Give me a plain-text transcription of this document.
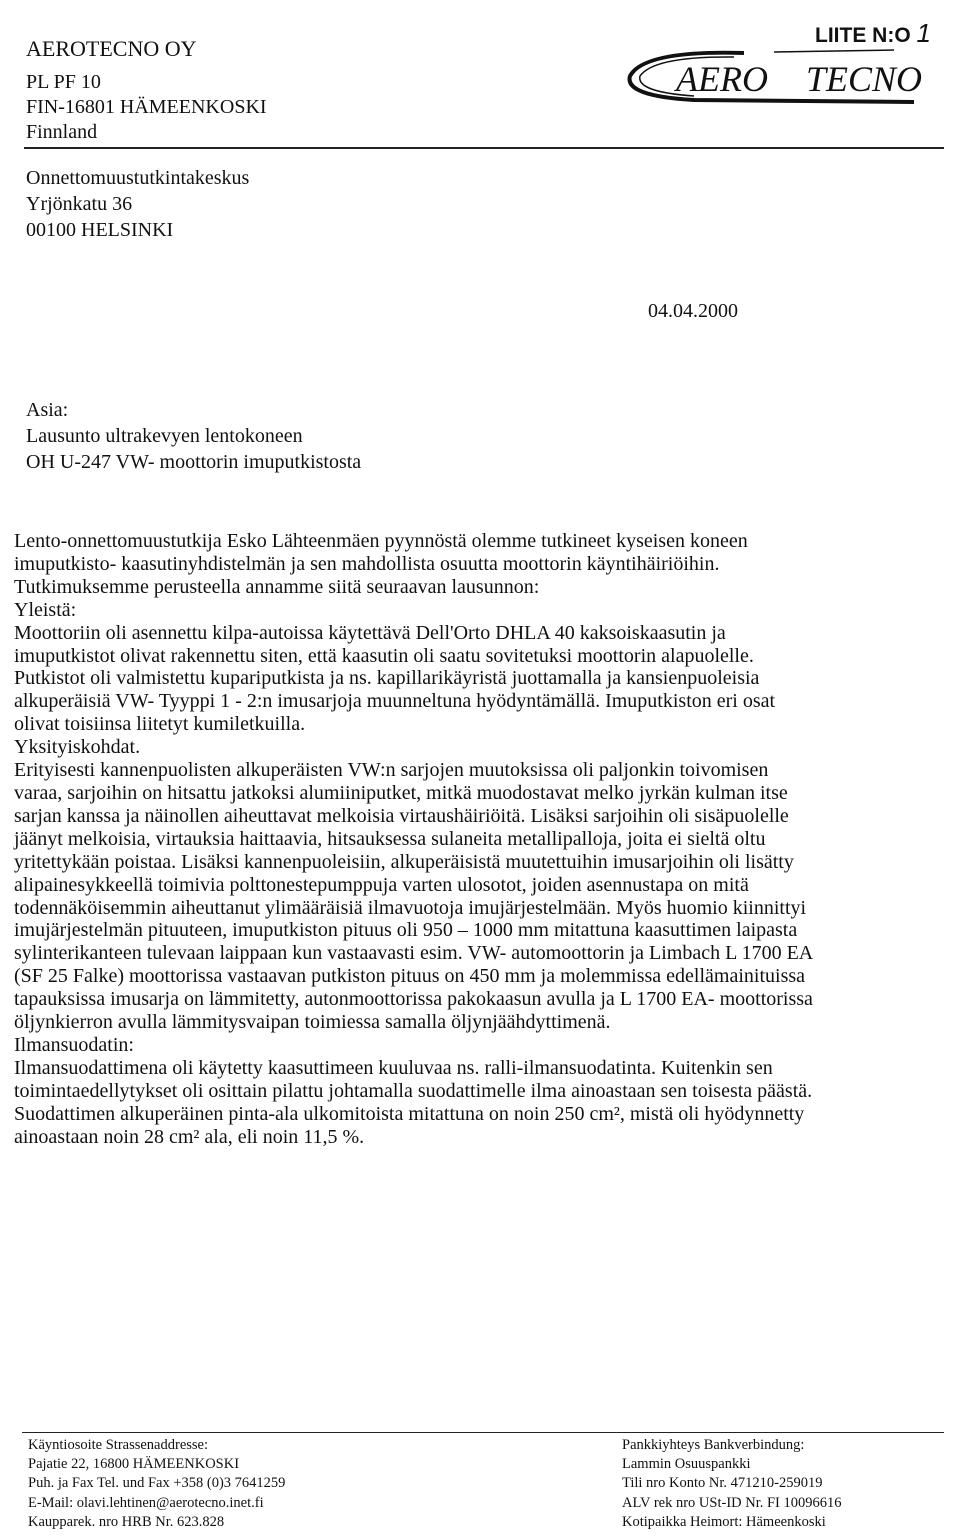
AEROTECNO OY
PL PF 10
FIN-16801 HÄMEENKOSKI
Finnland
LIITE N:O 1
AERO TECNO
Onnettomuustutkintakeskus
Yrjönkatu 36
00100 HELSINKI
04.04.2000
Asia:
Lausunto ultrakevyen lentokoneen
OH U-247 VW- moottorin imuputkistosta
Lento-onnettomuustutkija Esko Lähteenmäen pyynnöstä olemme tutkineet kyseisen koneen
imuputkisto- kaasutinyhdistelmän ja sen mahdollista osuutta moottorin käyntihäiriöihin.
Tutkimuksemme perusteella annamme siitä seuraavan lausunnon:
Yleistä:
Moottoriin oli asennettu kilpa-autoissa käytettävä Dell'Orto DHLA 40 kaksoiskaasutin ja
imuputkistot olivat rakennettu siten, että kaasutin oli saatu sovitetuksi moottorin alapuolelle.
Putkistot oli valmistettu kupariputkista ja ns. kapillarikäyristä juottamalla ja kansienpuoleisia
alkuperäisiä VW- Tyyppi 1 - 2:n imusarjoja muunneltuna hyödyntämällä. Imuputkiston eri osat
olivat toisiinsa liitetyt kumiletkuilla.
Yksityiskohdat.
Erityisesti kannenpuolisten alkuperäisten VW:n sarjojen muutoksissa oli paljonkin toivomisen
varaa, sarjoihin on hitsattu jatkoksi alumiiniputket, mitkä muodostavat melko jyrkän kulman itse
sarjan kanssa ja näinollen aiheuttavat melkoisia virtaushäiriöitä. Lisäksi sarjoihin oli sisäpuolelle
jäänyt melkoisia, virtauksia haittaavia, hitsauksessa sulaneita metallipalloja, joita ei sieltä oltu
yritettykään poistaa. Lisäksi kannenpuoleisiin, alkuperäisistä muutettuihin imusarjoihin oli lisätty
alipainesykkeellä toimivia polttonestepumppuja varten ulosotot, joiden asennustapa on mitä
todennäköisemmin aiheuttanut ylimääräisiä ilmavuotoja imujärjestelmään. Myös huomio kiinnittyi
imujärjestelmän pituuteen, imuputkiston pituus oli 950 – 1000 mm mitattuna kaasuttimen laipasta
sylinterikanteen tulevaan laippaan kun vastaavasti esim. VW- automoottorin ja Limbach L 1700 EA
(SF 25 Falke) moottorissa vastaavan putkiston pituus on 450 mm ja molemmissa edellämainituissa
tapauksissa imusarja on lämmitetty, autonmoottorissa pakokaasun avulla ja L 1700 EA- moottorissa
öljynkierron avulla lämmitysvaipan toimiessa samalla öljynjäähdyttimenä.
Ilmansuodatin:
Ilmansuodattimena oli käytetty kaasuttimeen kuuluvaa ns. ralli-ilmansuodatinta. Kuitenkin sen
toimintaedellytykset oli osittain pilattu johtamalla suodattimelle ilma ainoastaan sen toisesta päästä.
Suodattimen alkuperäinen pinta-ala ulkomitoista mitattuna on noin 250 cm², mistä oli hyödynnetty
ainoastaan noin 28 cm² ala, eli noin 11,5 %.
Käyntiosoite Strassenaddresse:
Pajatie 22, 16800 HÄMEENKOSKI
Puh. ja Fax Tel. und Fax +358 (0)3 7641259
E-Mail: olavi.lehtinen@aerotecno.inet.fi
Kaupparek. nro HRB Nr. 623.828
Pankkiyhteys Bankverbindung:
Lammin Osuuspankki
Tili nro Konto Nr. 471210-259019
ALV rek nro USt-ID Nr. FI 10096616
Kotipaikka Heimort: Hämeenkoski
